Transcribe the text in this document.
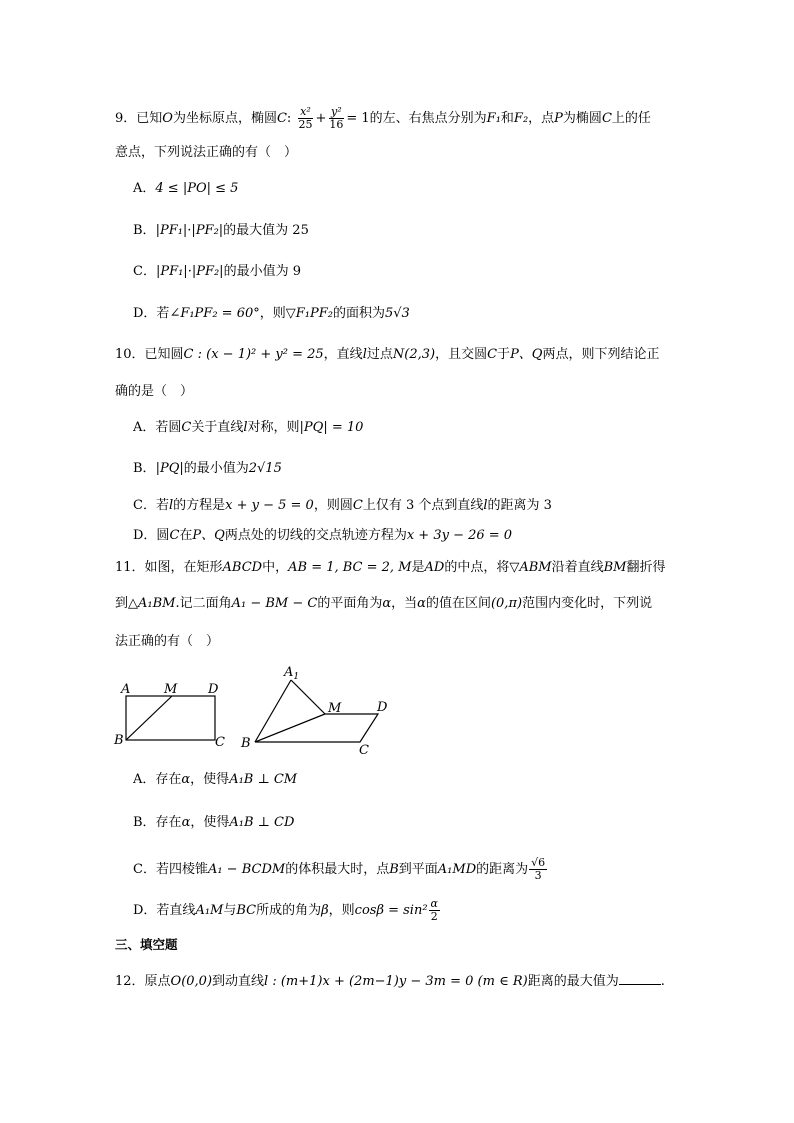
9．已知O为坐标原点，椭圆C: $\frac{\text{x²}}{25} + \frac{\text{y²}}{16} = 1$的左、右焦点分别为F₁和F₂，点P为椭圆C上的任
意点，下列说法正确的有（　）
A．4 ≤ |PO| ≤ 5
B．|PF₁|·|PF₂|的最大值为 25
C．|PF₁|·|PF₂|的最小值为 9
D．若∠F₁PF₂ = 60°，则▽F₁PF₂的面积为5√3
10．已知圆C : (x − 1)² + y² = 25，直线l过点N(2,3)，且交圆C于P、Q两点，则下列结论正
确的是（　）
A．若圆C关于直线l对称，则|PQ| = 10
B．|PQ|的最小值为2√15
C．若l的方程是x + y − 5 = 0，则圆C上仅有 3 个点到直线l的距离为 3
D．圆C在P、Q两点处的切线的交点轨迹方程为x + 3y − 26 = 0
11．如图，在矩形ABCD中，AB = 1, BC = 2, M是AD的中点，将▽ABM沿着直线BM翻折得
到△A₁BM.记二面角A₁ − BM − C的平面角为α，当α的值在区间(0,π)范围内变化时，下列说
法正确的有（　）
A	M D
B	C
$A_1$
M	D
B	C
A．存在α，使得A₁B ⊥ CM
B．存在α，使得A₁B ⊥ CD
C．若四棱锥A₁ − BCDM的体积最大时，点B到平面A₁MD的距离为 $\frac{√6}{3}$
D．若直线A₁M与BC所成的角为β，则$\cos\beta = \sin^2 \frac{\alpha}{2}$
三、填空题
12．原点O(0,0)到动直线l : (m+1)x + (2m−1)y − 3m = 0 (m ∈ R)距离的最大值为	.
